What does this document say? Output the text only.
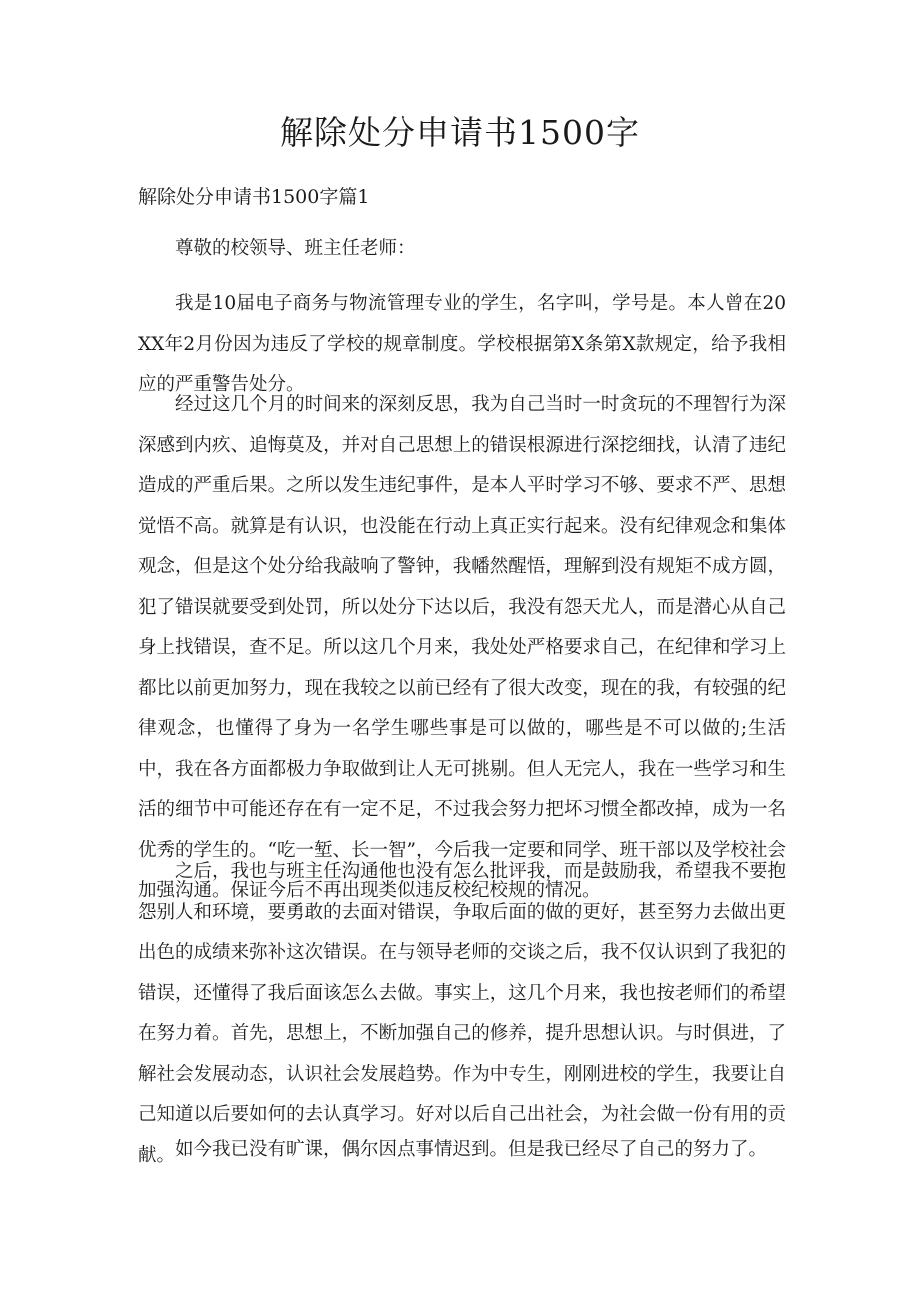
解除处分申请书1500字
解除处分申请书1500字篇1

尊敬的校领导、班主任老师：

我是10届电子商务与物流管理专业的学生，名字叫，学号是。本人曾在20XX年2月份因为违反了学校的规章制度。学校根据第X条第X款规定，给予我相应的严重警告处分。

经过这几个月的时间来的深刻反思，我为自己当时一时贪玩的不理智行为深深感到内疚、追悔莫及，并对自己思想上的错误根源进行深挖细找，认清了违纪造成的严重后果。之所以发生违纪事件，是本人平时学习不够、要求不严、思想觉悟不高。就算是有认识，也没能在行动上真正实行起来。没有纪律观念和集体观念，但是这个处分给我敲响了警钟，我幡然醒悟，理解到没有规矩不成方圆，犯了错误就要受到处罚，所以处分下达以后，我没有怨天尤人，而是潜心从自己身上找错误，查不足。所以这几个月来，我处处严格要求自己，在纪律和学习上都比以前更加努力，现在我较之以前已经有了很大改变，现在的我，有较强的纪律观念，也懂得了身为一名学生哪些事是可以做的，哪些是不可以做的;生活中，我在各方面都极力争取做到让人无可挑剔。但人无完人，我在一些学习和生活的细节中可能还存在有一定不足，不过我会努力把坏习惯全都改掉，成为一名优秀的学生的。“吃一堑、长一智”，今后我一定要和同学、班干部以及学校社会加强沟通。保证今后不再出现类似违反校纪校规的情况。

之后，我也与班主任沟通他也没有怎么批评我，而是鼓励我，希望我不要抱怨别人和环境，要勇敢的去面对错误，争取后面的做的更好，甚至努力去做出更出色的成绩来弥补这次错误。在与领导老师的交谈之后，我不仅认识到了我犯的错误，还懂得了我后面该怎么去做。事实上，这几个月来，我也按老师们的希望在努力着。首先，思想上，不断加强自己的修养，提升思想认识。与时俱进，了解社会发展动态，认识社会发展趋势。作为中专生，刚刚进校的学生，我要让自己知道以后要如何的去认真学习。好对以后自己出社会，为社会做一份有用的贡献。 如今我已没有旷课，偶尔因点事情迟到。但是我已经尽了自己的努力了。
